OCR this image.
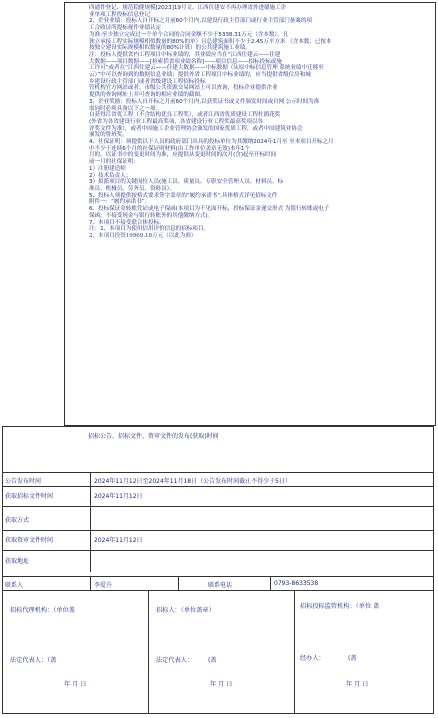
四通件登记、规范稳健规模[2023]19号文、江西住建安不再办理省外进赣施工企

业单项工程投标信息登记

2、企业业绩：投标人自开标之月前60个月内,以建设行政主管部门或行业主管部门备案的项

工合收证所提标视作业绩认定

为准:至少独立完成过一个单个合同的合同金额不少于5338.31万元（含本数），且

独立承接工程实际规模相似数量的80%的单）且总建筑面积不少于2.45万平方米 （含本数，已按本

按独立建设实际规模相似数量的80%计算）的公共建筑施工业绩。

注：投标人提供省内工程项目中标业绩的，其业绩应当在“江西住建云——住建

大数据——项目数据——[检索括省项业绩名称]——项目信息——招标投标或施

工许可”或者在“江西住建云——住建大数据——中标数据（从原中标信息管理 系统业绩中迁移至

云）”中可以查询到的数据信息业绩；提供外省工程项目中标业绩的，应当提供省级住房和城

乡建设行政主管部门或者省级建设工程招标投标

管机构官方网站或者、市级公共资源交易网站上可以查询，投标企业提供企业

提供的查询网址上并可查询的相应业绩的截图。

3、企业奖励：投标人自开标之月前60个月内,以获奖证书或文件颁发时间或自网 公示时间为准

需同时必须具备以下之一项：

自获得江省优工程（不含结构优良工程奖），或者江西省优质建设工程杜鹃花奖

(外省为各省建设行业工程最高奖项，各省建设行业工程奖最高奖项以各

评奖文件为准），或者中国施工企业管理协会颁发的国家优质工程，或者中国建筑业协会

颁发的鲁班奖。

4、社保证明：须提供以下人员的政府部门出具的投标单位为其缴纳2024年1月至 至本项目开标之月

中不少于连续6个月的社保证明材料(由工作单位盖章无效)本年1个

月的，以证书中的变更时间为准，应提供从变更时间的次月(含)起至开标时间

前一月的社保证明：

1）注册建造师

2）技术负责人；

3）拟派项目的关键岗位人员(施工员、质量员、专职安全管理人员、材料员、标

准员、机械员、劳务员、资料员）。

5、投标人须提供按格式要求签字盖章的“履约承诺书”,具体格式详见招标文件

附件一：“履约承诺书”。

6、投标保证金转账凭证或电子保函(本项目为不见面开标，投标保证金递交形式 为银行转账或电子

保函，不接受现金与银行转账外的其他缴纳方式)。

7、本项目不接受联合体投标。

注：1、本项目为使用信用评价信息的招标项目。

2、本项目投资19969.18万元（以此为准）

招标公告、招标文件、资审文件的发布(获取)时间
公告发布时间	2024年11月12日至2024年11月18日（公告发布时间截止不得少于5日）
获取招标文件时间	2024年11月12日
获取方式
获取资审文件时间	2024年11月12日
获取地址
联系人	李爱升	联系电话	0793-8633538
招标代理机构：（单位盖
法定代表人：（盖
年 月 日
招标人：（单位盖章）
法定代表人： (盖
年 月 日
招标投标监管机构：（单位 盖
经办人：	(盖
年 月 日
